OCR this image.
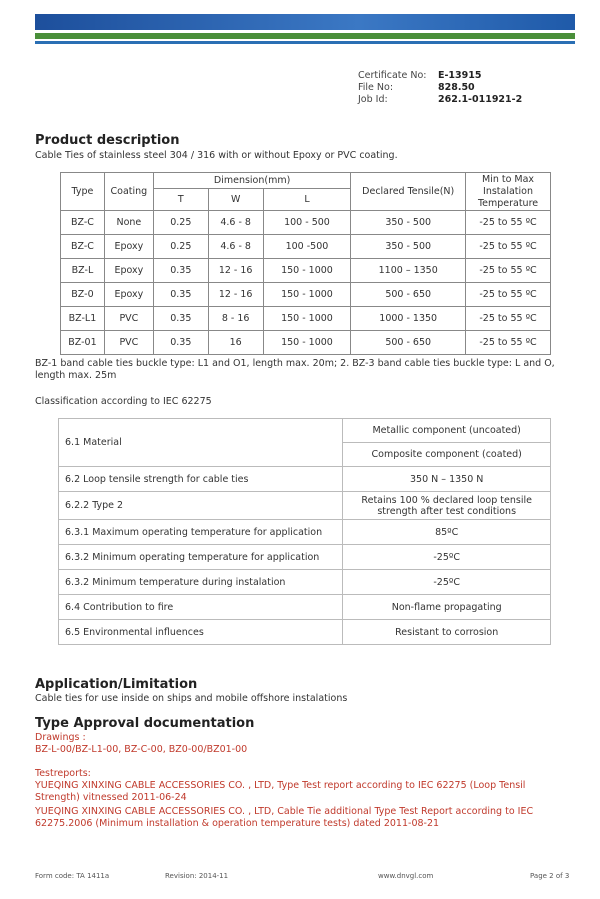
Certificate No:	E-13915
File No:	828.50
Job Id:	262.1-011921-2
Product description
Cable Ties of stainless steel 304 / 316 with or without Epoxy or PVC coating.
Type	Coating	Dimension(mm)			Declared Tensile(N)	Min to Max Instalation Temperature
		T	W	L		
BZ-C	None	0.25	4.6 - 8	100 - 500	350 - 500	-25 to 55 ºC
BZ-C	Epoxy	0.25	4.6 - 8	100 -500	350 - 500	-25 to 55 ºC
BZ-L	Epoxy	0.35	12 - 16	150 - 1000	1100 – 1350	-25 to 55 ºC
BZ-0	Epoxy	0.35	12 - 16	150 - 1000	500 - 650	-25 to 55 ºC
BZ-L1	PVC	0.35	8 - 16	150 - 1000	1000 - 1350	-25 to 55 ºC
BZ-01	PVC	0.35	16	150 - 1000	500 - 650	-25 to 55 ºC
BZ-1 band cable ties buckle type: L1 and O1, length max. 20m; 2. BZ-3 band cable ties buckle type: L and O, length max. 25m
Classification according to IEC 62275
6.1 Material	Metallic component (uncoated)
	Composite component (coated)
6.2 Loop tensile strength for cable ties	350 N – 1350 N
6.2.2 Type 2	Retains 100 % declared loop tensile strength after test conditions
6.3.1 Maximum operating temperature for application	85ºC
6.3.2 Minimum operating temperature for application	-25ºC
6.3.2 Minimum temperature during instalation	-25ºC
6.4 Contribution to fire	Non-flame propagating
6.5 Environmental influences	Resistant to corrosion
Application/Limitation
Cable ties for use inside on ships and mobile offshore instalations
Type Approval documentation
Drawings :
BZ-L-00/BZ-L1-00, BZ-C-00, BZ0-00/BZ01-00
Testreports:
YUEQING XINXING CABLE ACCESSORIES CO. , LTD, Type Test report according to IEC 62275 (Loop Tensil Strength) vitnessed 2011-06-24
YUEQING XINXING CABLE ACCESSORIES CO. , LTD, Cable Tie additional Type Test Report according to IEC 62275.2006 (Minimum installation & operation temperature tests) dated 2011-08-21
Form code: TA 1411a	Revision: 2014-11	www.dnvgl.com	Page 2 of 3
